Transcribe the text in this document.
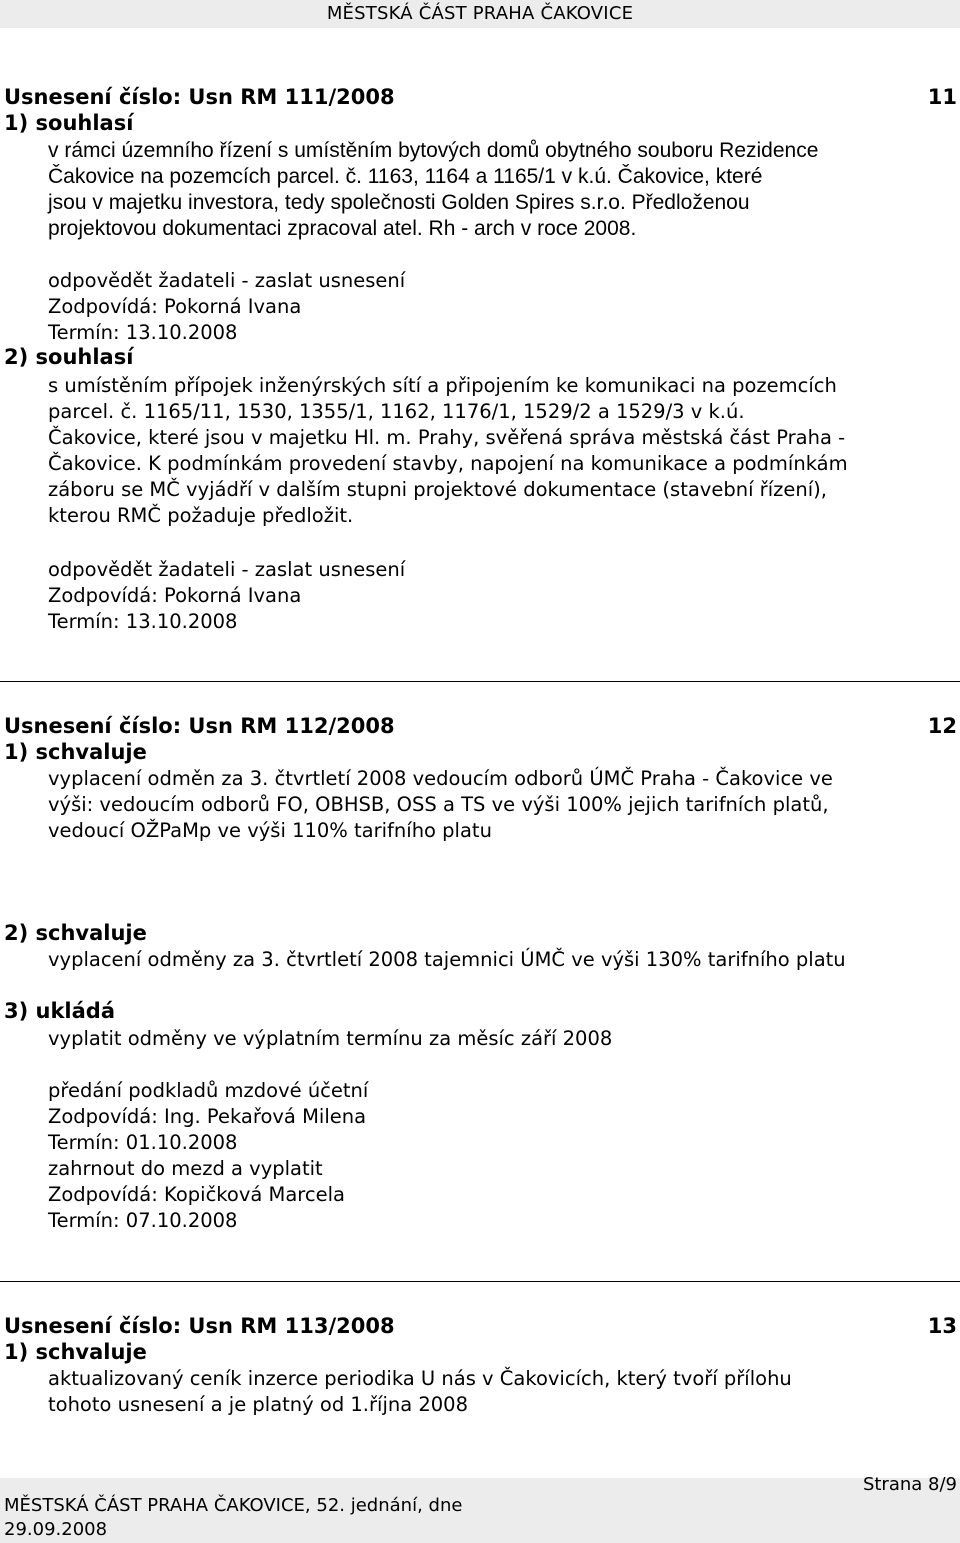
MĚSTSKÁ ČÁST PRAHA ČAKOVICE
Usnesení číslo: Usn RM 111/2008	11
1) souhlasí
v rámci územního řízení s umístěním bytových domů obytného souboru Rezidence
Čakovice na pozemcích parcel. č. 1163, 1164 a 1165/1 v k.ú. Čakovice, které
jsou v majetku investora, tedy společnosti Golden Spires s.r.o. Předloženou
projektovou dokumentaci zpracoval atel. Rh - arch v roce 2008.
odpovědět žadateli - zaslat usnesení
Zodpovídá: Pokorná Ivana
Termín: 13.10.2008
2) souhlasí
s umístěním přípojek inženýrských sítí a připojením ke komunikaci na pozemcích
parcel. č. 1165/11, 1530, 1355/1, 1162, 1176/1, 1529/2 a 1529/3 v k.ú.
Čakovice, které jsou v majetku Hl. m. Prahy, svěřená správa městská část Praha -
Čakovice. K podmínkám provedení stavby, napojení na komunikace a podmínkám
záboru se MČ vyjádří v dalším stupni projektové dokumentace (stavební řízení),
kterou RMČ požaduje předložit.
odpovědět žadateli - zaslat usnesení
Zodpovídá: Pokorná Ivana
Termín: 13.10.2008
Usnesení číslo: Usn RM 112/2008	12
1) schvaluje
vyplacení odměn za 3. čtvrtletí 2008 vedoucím odborů ÚMČ Praha - Čakovice ve
výši: vedoucím odborů FO, OBHSB, OSS a TS ve výši 100% jejich tarifních platů,
vedoucí OŽPaMp ve výši 110% tarifního platu
2) schvaluje
vyplacení odměny za 3. čtvrtletí 2008 tajemnici ÚMČ ve výši 130% tarifního platu
3) ukládá
vyplatit odměny ve výplatním termínu za měsíc září 2008
předání podkladů mzdové účetní
Zodpovídá: Ing. Pekařová Milena
Termín: 01.10.2008
zahrnout do mezd a vyplatit
Zodpovídá: Kopičková Marcela
Termín: 07.10.2008
Usnesení číslo: Usn RM 113/2008	13
1) schvaluje
aktualizovaný ceník inzerce periodika U nás v Čakovicích, který tvoří přílohu
tohoto usnesení a je platný od 1.října 2008
MĚSTSKÁ ČÁST PRAHA ČAKOVICE, 52. jednání, dne
29.09.2008
Strana 8/9
